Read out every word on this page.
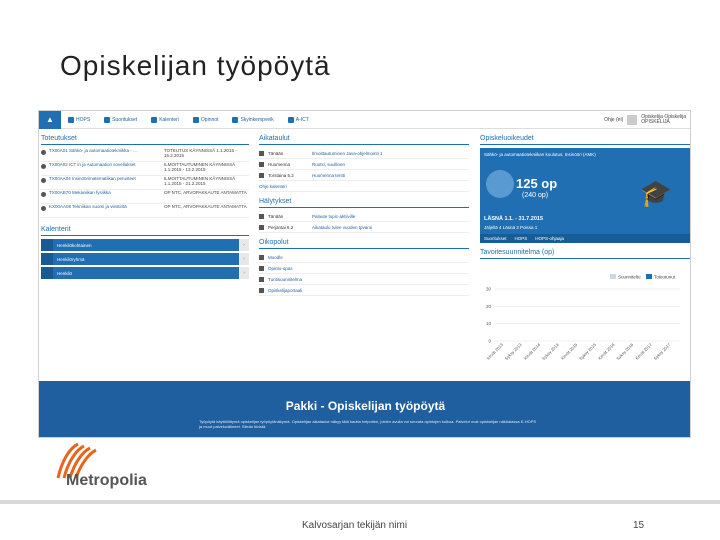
Opiskelijan työpöytä
▲	HOPS	Suoritukset	Kalenteri	Opinnot	Skyinkempveik	A-ICT	Ohje (ei)	Opiskelija Opiskelija
OPISKELIJA
Toteutukset
TX00A01 Sähkö- ja automaatiotekniikka - ...	TOTEUTUS KÄYNNISSÄ 1.1.2015 - 15.2.2015
TX00A02 ICT in ja Automaation sovellukset	ILMOITTAUTUMINEN KÄYNNISSÄ 1.1.2015 - 13.2.2015
TX00AA04 Insinöörimatematiikan perusteet	ILMOITTAUTUMINEN KÄYNNISSÄ 1.1.2015 - 21.2.2015
TX00AB70 Mekaniikan fysiikka	OP NTC, ARVOPAKKAUTE ANTAMATTA
KX00AA08 Tekniikan suomi ja viestintä	OP NTC, ARVOPAKKAUTE ANTAMATTA
Kalenterit
Henkilökohtainen	›
Henkilöryhmä	›
Henkilö	›
Aikataulut
Tänään	Ilmoittautuminen Java-ohjelmointi 1
Huomenna	Ruotsi, suullinen
Torstaina 5.2	Huomenna tentti
Ohje kalenteri
Hälytykset
Tänään	Palaute topic-aktiiville
Perjantai 6.2	Aikataulu tulee vuoden tpvaroi
Oikopolut
Moodle
Opinto-opas
Tuntisuunnitelma
Opiskelijaportaali
Opiskeluoikeudet
Sähkö- ja automaatiotekniikan koulutus, Insinööri (AMK)
125 op
(240 op)	🎓
LÄSNÄ 1.1. - 31.7.2015
Jäljellä 4 Läsnä 3 Poissa 1
Suoritukset HOPS HOPS-ohjaaja
Tavoitesuunnitelma (op)
Suunniteltu	Toteutunut
30
20
10
0
Kevät 2013 Syksy 2013 Kevät 2014 Syksy 2014 Kevät 2015 Syksy 2015 Kevät 2016 Syksy 2016 Kevät 2017 Syksy 2017
Pakki - Opiskelijan työpöytä
Työpöytä käyttöliittymä opiskelijan työpöytänäkymä. Opiskelijan aikataulut näkyy tätä kautta helpoiten, joiden avulla voi seurata opintojen kulkua. Palvelut ovat opiskelijan näköalassa E-HOPS ja muut palveluvälineet. Sileän tiivistä.
Metropolia
Kalvosarjan tekijän nimi	15
